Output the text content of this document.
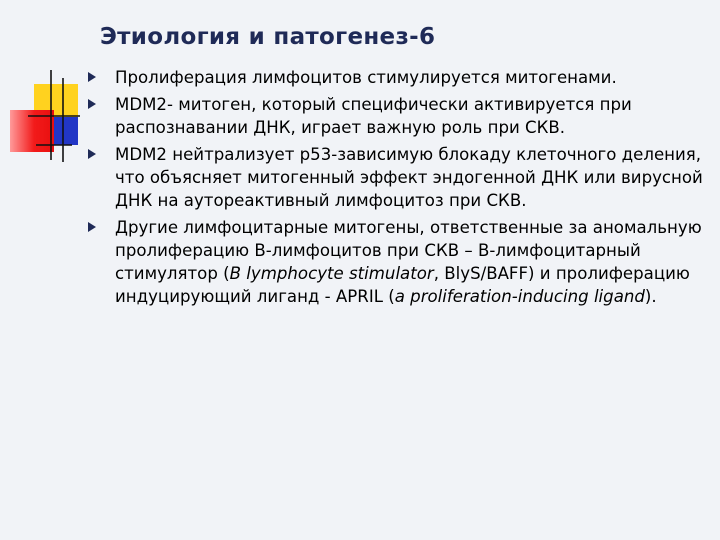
Этиология и патогенез-6
Пролиферация лимфоцитов стимулируется митогенами.
MDM2- митоген, который специфически активируется при распознавании ДНК, играет важную роль при СКВ.
MDM2 нейтрализует р53-зависимую блокаду клеточного деления, что объясняет митогенный эффект эндогенной ДНК или вирусной ДНК на аутореактивный лимфоцитоз при СКВ.
Другие лимфоцитарные митогены, ответственные за аномальную пролиферацию В-лимфоцитов при СКВ – В-лимфоцитарный стимулятор (B lymphocyte stimulator, BlyS/BAFF) и пролиферацию индуцирующий лиганд - APRIL (a proliferation-inducing ligand).
